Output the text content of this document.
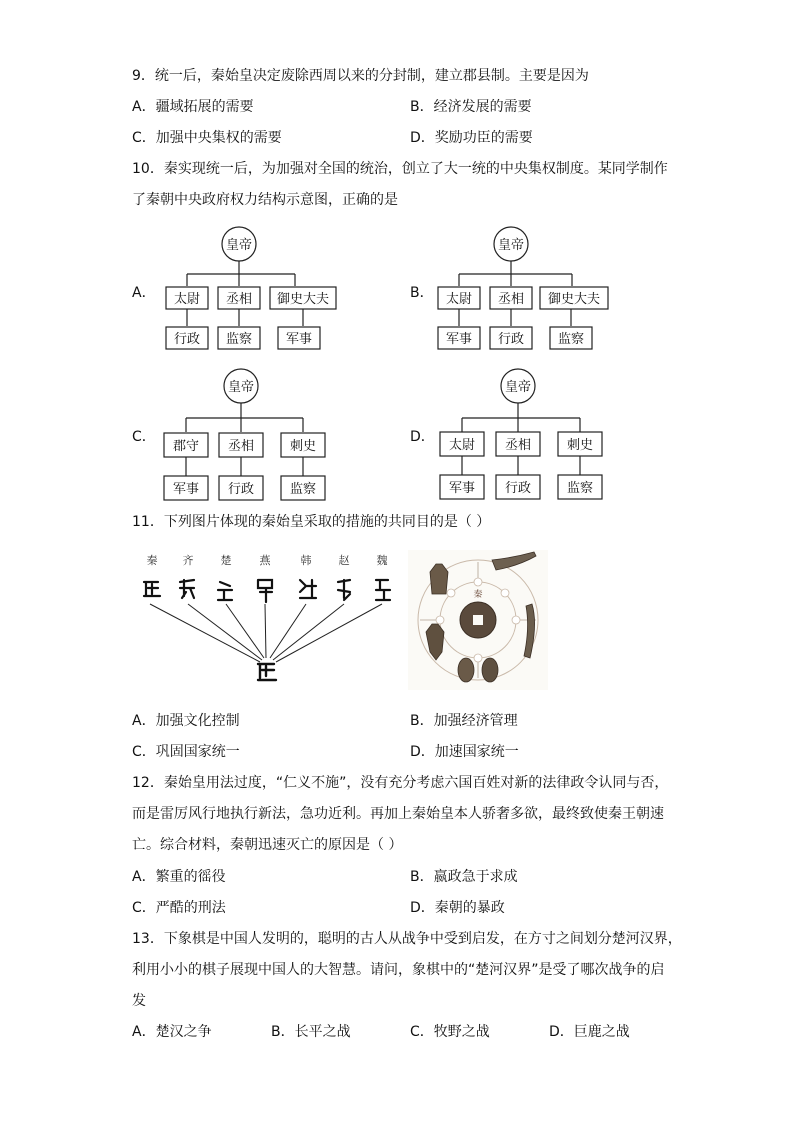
9．统一后，秦始皇决定废除西周以来的分封制，建立郡县制。主要是因为
A．疆域拓展的需要	B．经济发展的需要
C．加强中央集权的需要	D．奖励功臣的需要
10．秦实现统一后，为加强对全国的统治，创立了大一统的中央集权制度。某同学制作
了秦朝中央政府权力结构示意图，正确的是
A．
皇帝
太尉 丞相 御史大夫
行政 监察	军事
B．
皇帝
太尉 丞相 御史大夫
军事 行政	监察
C．
皇帝
郡守 丞相	刺史
军事 行政	监察
D．
皇帝
太尉 丞相	刺史
军事 行政	监察
11．下列图片体现的秦始皇采取的措施的共同目的是（ ）
秦 齐 楚	燕	韩 赵 魏
秦
A．加强文化控制	B．加强经济管理
C．巩固国家统一	D．加速国家统一
12．秦始皇用法过度，“仁义不施”，没有充分考虑六国百姓对新的法律政令认同与否，
而是雷厉风行地执行新法，急功近利。再加上秦始皇本人骄奢多欲，最终致使秦王朝速
亡。综合材料，秦朝迅速灭亡的原因是（ ）
A．繁重的徭役	B．嬴政急于求成
C．严酷的刑法	D．秦朝的暴政
13．下象棋是中国人发明的，聪明的古人从战争中受到启发，在方寸之间划分楚河汉界，
利用小小的棋子展现中国人的大智慧。请问，象棋中的“楚河汉界”是受了哪次战争的启
发
A．楚汉之争	B．长平之战	C．牧野之战	D．巨鹿之战
